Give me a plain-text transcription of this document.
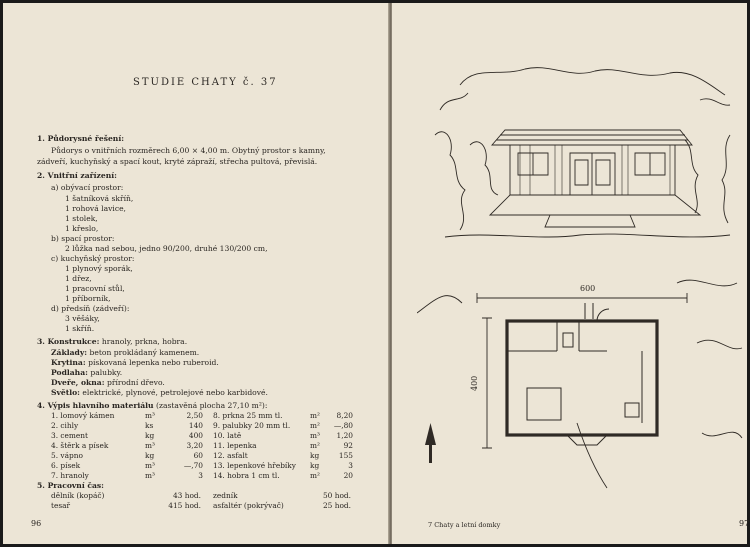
STUDIE CHATY č. 37
1. Půdorysné řešení:
Půdorys o vnitřních rozměrech 6,00 × 4,00 m. Obytný prostor s kamny,
zádveří, kuchyňský a spací kout, kryté zápraží, střecha pultová, převislá.
2. Vnitřní zařízení:
a) obývací prostor:
1 šatníková skříň,
1 rohová lavice,
1 stolek,
1 křeslo,
b) spací prostor:
2 lůžka nad sebou, jedno 90/200, druhé 130/200 cm,
c) kuchyňský prostor:
1 plynový sporák,
1 dřez,
1 pracovní stůl,
1 příborník,
d) předsíň (zádveří):
3 věšáky,
1 skříň.
3. Konstrukce: hranoly, prkna, hobra.
Základy: beton prokládaný kamenem.
Krytina: pískovaná lepenka nebo ruberoid.
Podlaha: palubky.
Dveře, okna: přírodní dřevo.
Světlo: elektrické, plynové, petrolejové nebo karbidové.
4. Výpis hlavního materiálu (zastavěná plocha 27,10 m²):
1. lomový kámen	m³	2,50
2. cihly	ks	140
3. cement	kg	400
4. štěrk a písek	m³	3,20
5. vápno	kg	60
6. písek	m³	—,70
7. hranoly	m³	3
8. prkna 25 mm tl.	m²	8,20
9. palubky 20 mm tl.	m²	—,80
10. latě	m³	1,20
11. lepenka	m²	92
12. asfalt	kg	155
13. lepenkové hřebíky kg	3
14. hobra 1 cm tl.	m²	20
5. Pracovní čas:
dělník (kopáč)	43 hod.
tesař	415 hod.
zedník	50 hod.
asfaltér (pokrývač)	25 hod.
96
600
400
7 Chaty a letní domky	97
